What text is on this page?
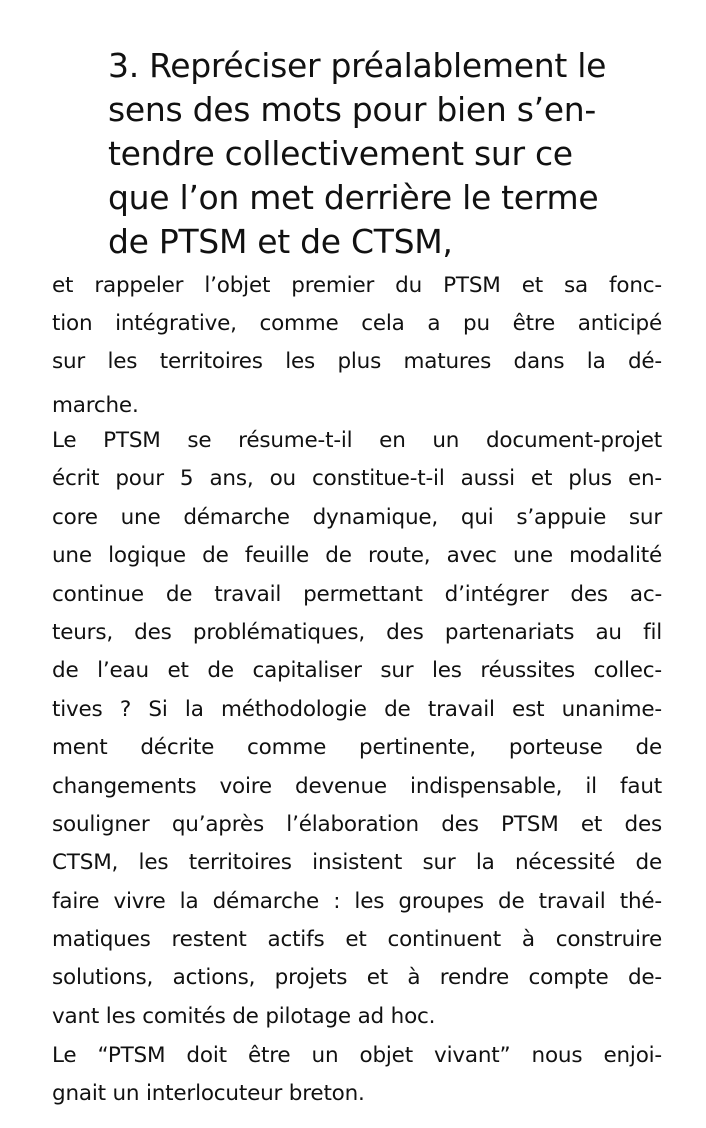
3. Repréciser préalablement le
sens des mots pour bien s’en-
tendre collectivement sur ce
que l’on met derrière le terme
de PTSM et de CTSM,

et rappeler l’objet premier du PTSM et sa fonc-
tion intégrative, comme cela a pu être anticipé
sur les territoires les plus matures dans la dé-
marche.

Le PTSM se résume-t-il en un document-projet
écrit pour 5 ans, ou constitue-t-il aussi et plus en-
core une démarche dynamique, qui s’appuie sur
une logique de feuille de route, avec une modalité
continue de travail permettant d’intégrer des ac-
teurs, des problématiques, des partenariats au fil
de l’eau et de capitaliser sur les réussites collec-
tives ? Si la méthodologie de travail est unanime-
ment décrite comme pertinente, porteuse de
changements voire devenue indispensable, il faut
souligner qu’après l’élaboration des PTSM et des
CTSM, les territoires insistent sur la nécessité de
faire vivre la démarche : les groupes de travail thé-
matiques restent actifs et continuent à construire
solutions, actions, projets et à rendre compte de-
vant les comités de pilotage ad hoc.

Le “PTSM doit être un objet vivant” nous enjoi-
gnait un interlocuteur breton.
